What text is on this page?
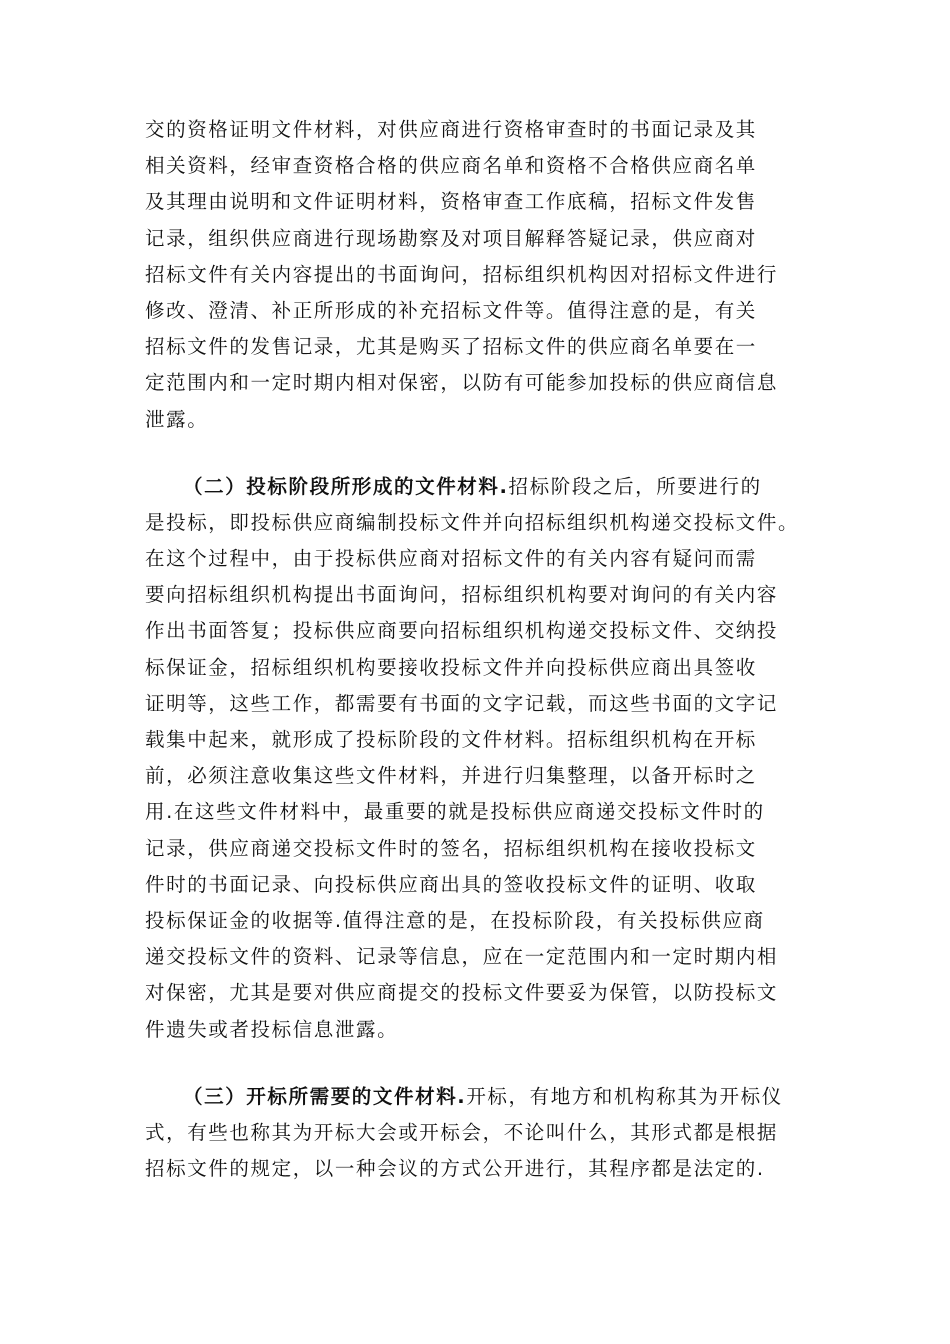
交的资格证明文件材料，对供应商进行资格审查时的书面记录及其
相关资料，经审查资格合格的供应商名单和资格不合格供应商名单
及其理由说明和文件证明材料，资格审查工作底稿，招标文件发售
记录，组织供应商进行现场勘察及对项目解释答疑记录，供应商对
招标文件有关内容提出的书面询问，招标组织机构因对招标文件进行
修改、澄清、补正所形成的补充招标文件等。值得注意的是，有关
招标文件的发售记录，尤其是购买了招标文件的供应商名单要在一
定范围内和一定时期内相对保密，以防有可能参加投标的供应商信息
泄露。
（二）投标阶段所形成的文件材料.招标阶段之后，所要进行的
是投标，即投标供应商编制投标文件并向招标组织机构递交投标文件。
在这个过程中，由于投标供应商对招标文件的有关内容有疑问而需
要向招标组织机构提出书面询问，招标组织机构要对询问的有关内容
作出书面答复；投标供应商要向招标组织机构递交投标文件、交纳投
标保证金，招标组织机构要接收投标文件并向投标供应商出具签收
证明等，这些工作，都需要有书面的文字记载，而这些书面的文字记
载集中起来，就形成了投标阶段的文件材料。招标组织机构在开标
前，必须注意收集这些文件材料，并进行归集整理，以备开标时之
用.在这些文件材料中，最重要的就是投标供应商递交投标文件时的
记录，供应商递交投标文件时的签名，招标组织机构在接收投标文
件时的书面记录、向投标供应商出具的签收投标文件的证明、收取
投标保证金的收据等.值得注意的是，在投标阶段，有关投标供应商
递交投标文件的资料、记录等信息，应在一定范围内和一定时期内相
对保密，尤其是要对供应商提交的投标文件要妥为保管，以防投标文
件遗失或者投标信息泄露。
（三）开标所需要的文件材料.开标，有地方和机构称其为开标仪
式，有些也称其为开标大会或开标会，不论叫什么，其形式都是根据
招标文件的规定，以一种会议的方式公开进行，其程序都是法定的.
